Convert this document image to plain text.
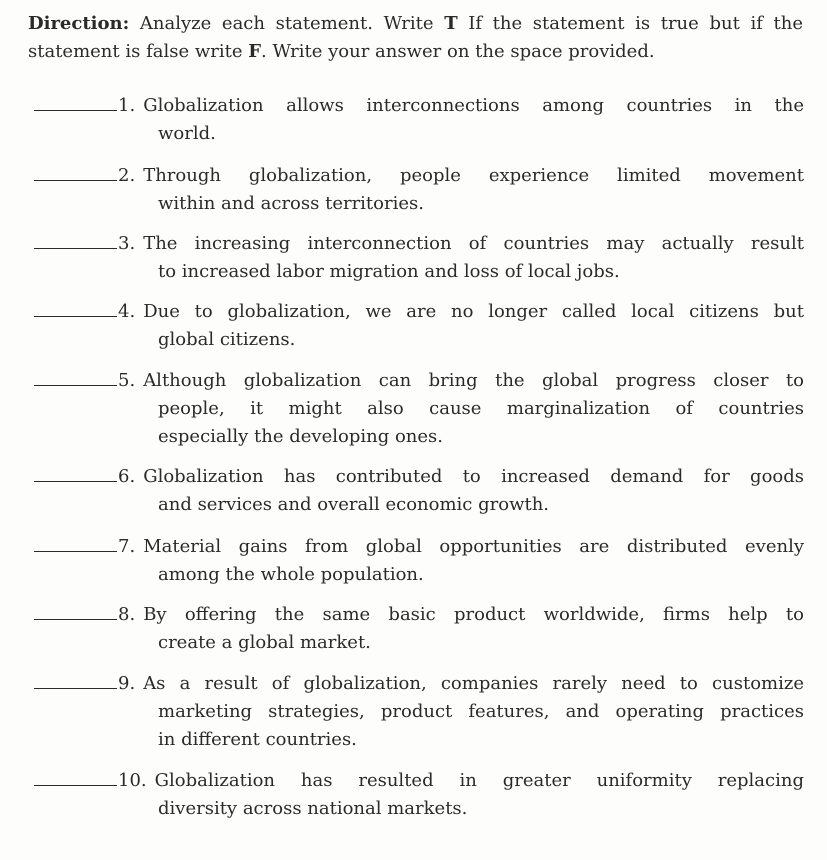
Direction: Analyze each statement. Write T If the statement is true but if the statement is false write F. Write your answer on the space provided.
1. Globalization allows interconnections among countries in the
world.
2. Through globalization, people experience limited movement
within and across territories.
3. The increasing interconnection of countries may actually result
to increased labor migration and loss of local jobs.
4. Due to globalization, we are no longer called local citizens but
global citizens.
5. Although globalization can bring the global progress closer to
people, it might also cause marginalization of countries
especially the developing ones.
6. Globalization has contributed to increased demand for goods
and services and overall economic growth.
7. Material gains from global opportunities are distributed evenly
among the whole population.
8. By offering the same basic product worldwide, firms help to
create a global market.
9. As a result of globalization, companies rarely need to customize
marketing strategies, product features, and operating practices
in different countries.
10. Globalization has resulted in greater uniformity replacing
diversity across national markets.
